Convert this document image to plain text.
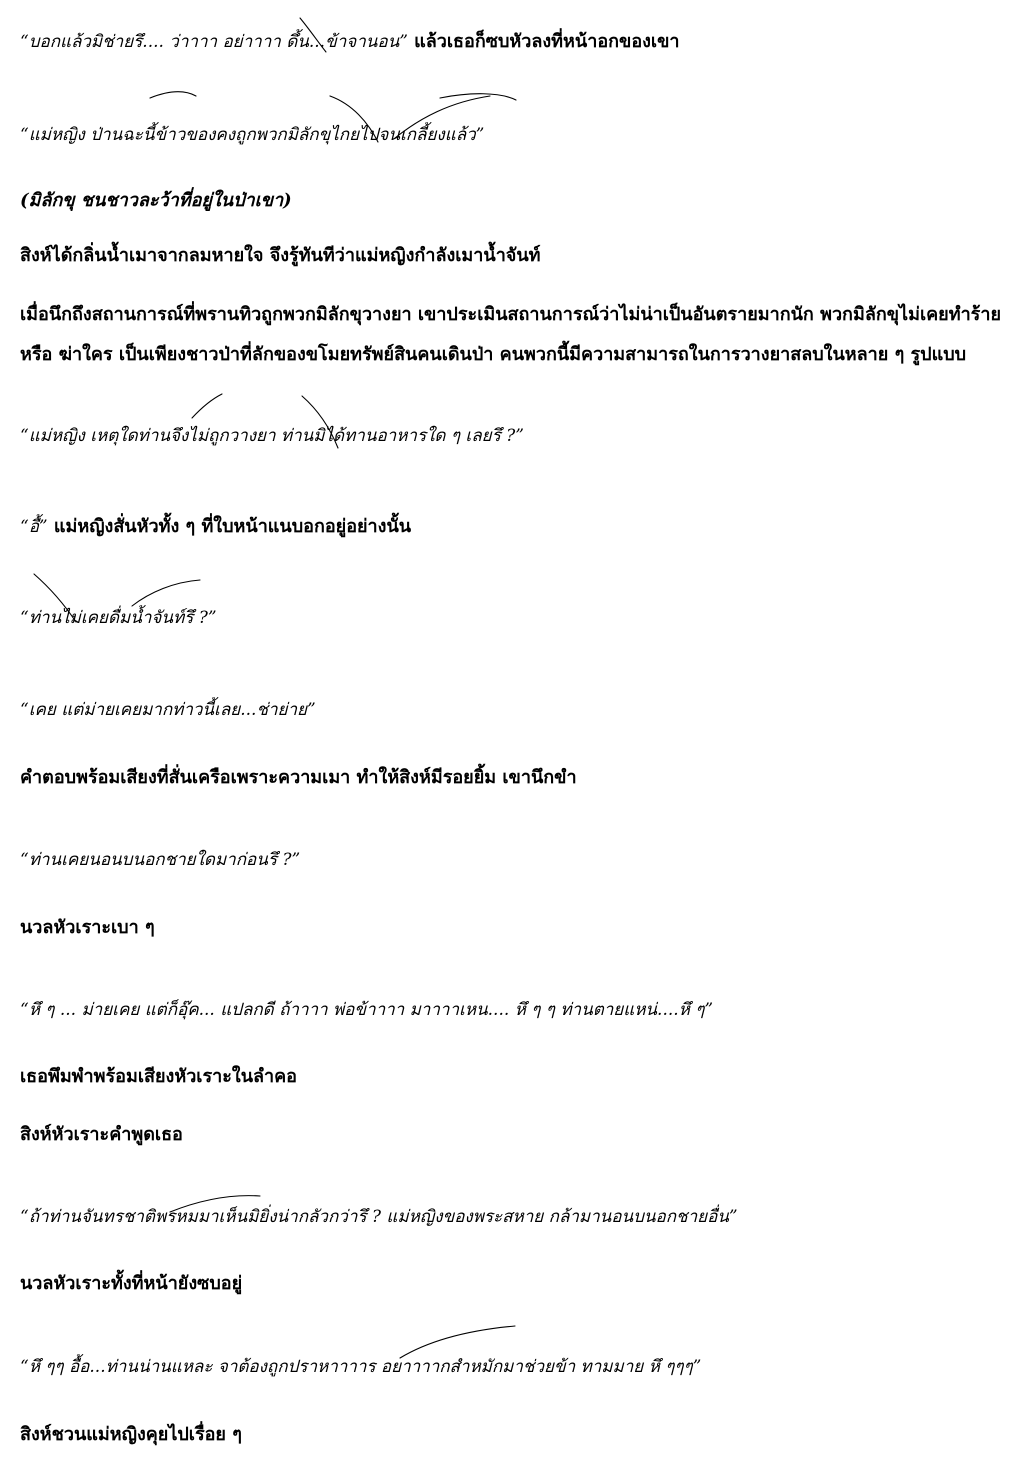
“บอกแล้วมิช่ายรึ.... ว่าาาา อย่าาาา ดึ้น...ข้าจานอน” แล้วเธอก็ซบหัวลงที่หน้าอกของเขา
“แม่หญิง ป่านฉะนี้ข้าวของคงถูกพวกมิลักขุไกยไปจนเกลี้ยงแล้ว”
(มิลักขุ ชนชาวละว้าที่อยู่ในป่าเขา)
สิงห์ได้กลิ่นน้ำเมาจากลมหายใจ จึงรู้ทันทีว่าแม่หญิงกำลังเมาน้ำจันท์
เมื่อนึกถึงสถานการณ์ที่พรานทิวถูกพวกมิลักขุวางยา เขาประเมินสถานการณ์ว่าไม่น่าเป็นอันตรายมากนัก พวกมิลักขุไม่เคยทำร้าย
หรือ ฆ่าใคร เป็นเพียงชาวป่าที่ลักของขโมยทรัพย์สินคนเดินป่า คนพวกนี้มีความสามารถในการวางยาสลบในหลาย ๆ รูปแบบ
“แม่หญิง เหตุใดท่านจึงไม่ถูกวางยา ท่านมิได้ทานอาหารใด ๆ เลยรึ ?”
“อื้” แม่หญิงสั่นหัวทั้ง ๆ ที่ใบหน้าแนบอกอยู่อย่างนั้น
“ท่านไม่เคยดื่มน้ำจันท์รึ ?”
“เคย แต่ม่ายเคยมากท่าวนี้เลย...ช่าย่าย”
คำตอบพร้อมเสียงที่สั่นเครือเพราะความเมา ทำให้สิงห์มีรอยยิ้ม เขานึกขำ
“ท่านเคยนอนบนอกชายใดมาก่อนรึ ?”
นวลหัวเราะเบา ๆ
“หึ ๆ ... ม่ายเคย แต่ก็อุ๊ค... แปลกดี ถ้าาาา พ่อข้าาาา มาาาาเหน.... หึ ๆ ๆ ท่านตายแหน่....หึ ๆ”
เธอพึมพำพร้อมเสียงหัวเราะในลำคอ
สิงห์หัวเราะคำพูดเธอ
“ถ้าท่านจันทรชาติพรหมมาเห็นมิยิ่งน่ากลัวกว่ารึ ? แม่หญิงของพระสหาย กล้ามานอนบนอกชายอื่น”
นวลหัวเราะทั้งที่หน้ายังซบอยู่
“หึ ๆๆ อื้อ...ท่านน่านแหละ จาต้องถูกปราหาาาาร อยาาาากสำหมักมาช่วยข้า ทามมาย หึ ๆๆๆ”
สิงห์ชวนแม่หญิงคุยไปเรื่อย ๆ
